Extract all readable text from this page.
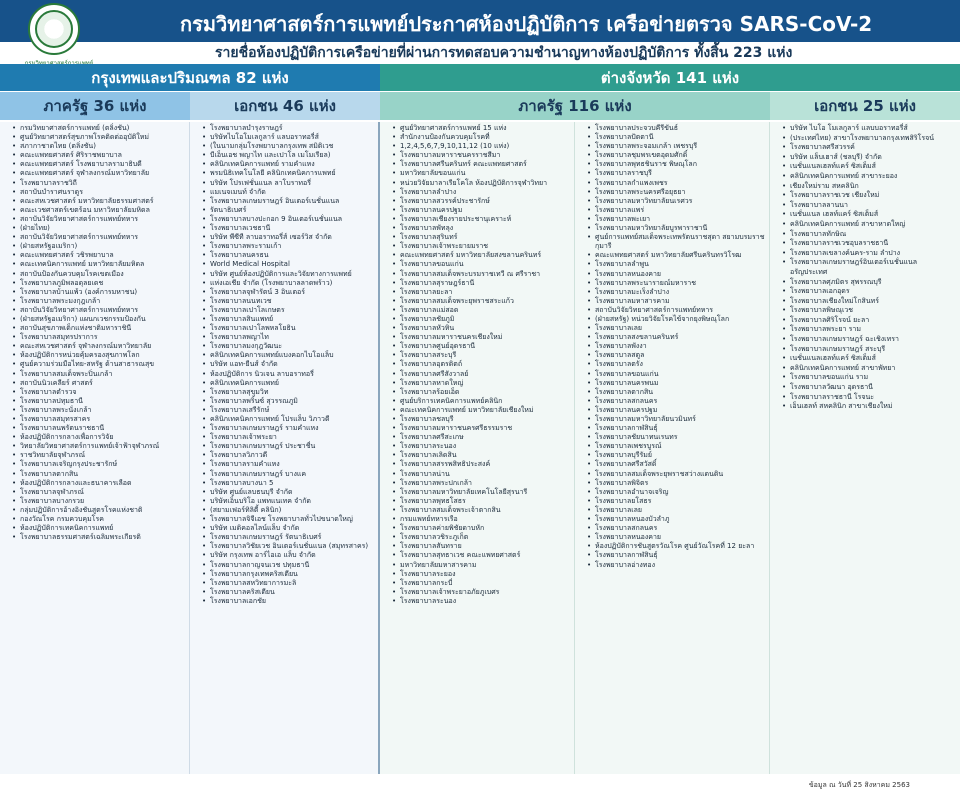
กรมวิทยาศาสตร์การแพทย์ประกาศห้องปฏิบัติการ เครือข่ายตรวจ SARS-CoV-2
รายชื่อห้องปฏิบัติการเครือข่ายที่ผ่านการทดสอบความชำนาญทางห้องปฏิบัติการ ทั้งสิ้น 223 แห่ง
กรุงเทพและปริมณฑล 82 แห่ง	ต่างจังหวัด 141 แห่ง
ภาครัฐ 36 แห่ง	เอกชน 46 แห่ง	ภาครัฐ 116 แห่ง	เอกชน 25 แห่ง
• กรมวิทยาศาสตร์การแพทย์ (ตลิ่งชัน)
• ศูนย์วิทยาศาสตร์สุขภาพโรคติดต่ออุบัติใหม่
• สภากาชาดไทย (ตลิ่งชัน)
• คณะแพทยศาสตร์ ศิริราชพยาบาล
• คณะแพทยศาสตร์ โรงพยาบาลรามาธิบดี
• คณะแพทยศาสตร์ จุฬาลงกรณ์มหาวิทยาลัย
• โรงพยาบาลราชวิถี
• สถาบันบำราศนราดูร
• คณะสหเวชศาสตร์ มหาวิทยาลัยธรรมศาสตร์
• คณะเวชศาสตร์เขตร้อน มหาวิทยาลัยมหิดล
• สถาบันวิจัยวิทยาศาสตร์การแพทย์ทหาร
• (ฝ่ายไทย)
• สถาบันวิจัยวิทยาศาสตร์การแพทย์ทหาร
• (ฝ่ายสหรัฐอเมริกา)
• คณะแพทยศาสตร์ วชิรพยาบาล
• คณะเทคนิคการแพทย์ มหาวิทยาลัยมหิดล
• สถาบันป้องกันควบคุมโรคเขตเมือง
• โรงพยาบาลภูมิพลอดุลยเดช
• โรงพยาบาลบ้านแพ้ว (องค์การมหาชน)
• โรงพยาบาลพระมงกุฎเกล้า
• สถาบันวิจัยวิทยาศาสตร์การแพทย์ทหาร
• (ฝ่ายสหรัฐอเมริกา) แผนกเวชกรรมป้องกัน
• สถาบันสุขภาพเด็กแห่งชาติมหาราชินี
• โรงพยาบาลสมุทรปราการ
• คณะสหเวชศาสตร์ จุฬาลงกรณ์มหาวิทยาลัย
• ห้องปฏิบัติการหน่วยคุ้มครองสุขภาพโลก
• ศูนย์ความร่วมมือไทย-สหรัฐ ด้านสาธารณสุข
• โรงพยาบาลสมเด็จพระปิ่นเกล้า
• สถาบันนิวเคลียร์ ศาสตร์
• โรงพยาบาลตำรวจ
• โรงพยาบาลปทุมธานี
• โรงพยาบาลพระนั่งเกล้า
• โรงพยาบาลสมุทรสาคร
• โรงพยาบาลนพรัตนราชธานี
• ห้องปฏิบัติการกลางเพื่อการวิจัย
• วิทยาลัยวิทยาศาสตร์การแพทย์เจ้าฟ้าจุฬาภรณ์
• ราชวิทยาลัยจุฬาภรณ์
• โรงพยาบาลเจริญกรุงประชารักษ์
• โรงพยาบาลตากสิน
• ห้องปฏิบัติการกลางและธนาคารเลือด
• โรงพยาบาลจุฬาภรณ์
• โรงพยาบาลบางกรวย
• กลุ่มปฏิบัติการอ้างอิงชันสูตรโรคแห่งชาติ
• กองวัณโรค กรมควบคุมโรค
• ห้องปฏิบัติการเทคนิคการแพทย์
• โรงพยาบาลธรรมศาสตร์เฉลิมพระเกียรติ
• โรงพยาบาลบำรุงราษฎร์
• บริษัทไบโอโมเลกูลาร์ แลบอราทอรี่ส์
• (ในนามกลุ่มโรงพยาบาลกรุงเทพ สมิติเวช
• บีเอ็นเอช พญาไท และเปาโล เมโมเรียล)
• คลินิกเทคนิคการแพทย์ รามคำแหง
• พรมนิธิเทคโนโลยี คลินิกเทคนิคการแพทย์
• บริษัท โปรเฟชั่นแนล ลาโบราทอรี่
• แมเนจเมนท์ จำกัด
• โรงพยาบาลเกษมราษฎร์ อินเตอร์เนชั่นแนล
• รัตนาธิเบศร์
• โรงพยาบาลบางปะกอก 9 อินเตอร์เนชั่นแนล
• โรงพยาบาลเวชธานี
• บริษัท พีซีที ลาบอราทอรี่ส์ เซอร์วิส จำกัด
• โรงพยาบาลพระรามเก้า
• โรงพยาบาลนครธน
• World Medical Hospital
• บริษัท ศูนย์ห้องปฏิบัติการและวิจัยทางการแพทย์
• แห่งเอเชีย จำกัด (โรงพยาบาลลาดพร้าว)
• โรงพยาบาลจุฬารัตน์ 3 อินเตอร์
• โรงพยาบาลนนทเวช
• โรงพยาบาลเปาโลเกษตร
• โรงพยาบาลสินแพทย์
• โรงพยาบาลเปาโลพหลโยธิน
• โรงพยาบาลพญาไท
• โรงพยาบาลมงกุฎวัฒนะ
• คลินิกเทคนิคการแพทย์แบงคอกไบโอแล็บ
• บริษัท แอท-ยีนส์ จำกัด
• ห้องปฏิบัติการ นิวเจน ลาบอราทอรี่
• คลินิกเทคนิคการแพทย์
• โรงพยาบาลสุขุมวิท
• โรงพยาบาลพริ้นซ์ สุวรรณภูมิ
• โรงพยาบาลเสรีรักษ์
• คลินิกเทคนิคการแพทย์ โปรแล็บ วิภาวดี
• โรงพยาบาลเกษมราษฎร์ รามคำแหง
• โรงพยาบาลเจ้าพระยา
• โรงพยาบาลเกษมราษฎร์ ประชาชื่น
• โรงพยาบาลวิภาวดี
• โรงพยาบาลรามคำแหง
• โรงพยาบาลเกษมราษฎร์ บางแค
• โรงพยาบาลบางนา 5
• บริษัท ศูนย์แลบธนบุรี จำกัด
• บริษัทเอ็นบริโอ แพทแนเทค จำกัด
• (สยามเฟอร์ทิลิตี้ คลินิก)
• โรงพยาบาลจิจีเอช โรงพยาบาลทั่วไปขนาดใหญ่
• บริษัท เมดิคอลไลน์แล็บ จำกัด
• โรงพยาบาลเกษมราษฎร์ รัตนาธิเบศร์
• โรงพยาบาลวิชัยเวช อินเตอร์เนชั่นแนล (สมุทรสาคร)
• บริษัท กรุงเทพ อาร์ไอเอ แล็บ จำกัด
• โรงพยาบาลกาญจนเวช ปทุมธานี
• โรงพยาบาลกรุงเทพคริสเตียน
• โรงพยาบาลสหวิทยาการมะลิ
• โรงพยาบาลคริสเตียน
• โรงพยาบาลเอกชัย
• ศูนย์วิทยาศาสตร์การแพทย์ 15 แห่ง
• สำนักงานป้องกันควบคุมโรคที่
• 1,2,4,5,6,7,9,10,11,12 (10 แห่ง)
• โรงพยาบาลมหาราชนครราชสีมา
• โรงพยาบาลศรีนครินทร์ คณะแพทยศาสตร์
• มหาวิทยาลัยขอนแก่น
• หน่วยวิจัยมาลาเรียโคโล ห้องปฏิบัติการจุฬาวิทยา
• โรงพยาบาลลำปาง
• โรงพยาบาลสวรรค์ประชารักษ์
• โรงพยาบาลนครปฐม
• โรงพยาบาลเชียงรายประชานุเคราะห์
• โรงพยาบาลพัทลุง
• โรงพยาบาลสุรินทร์
• โรงพยาบาลเจ้าพระยายมราช
• คณะแพทยศาสตร์ มหาวิทยาลัยสงขลานครินทร์
• โรงพยาบาลขอนแก่น
• โรงพยาบาลสมเด็จพระบรมราชเทวี ณ ศรีราชา
• โรงพยาบาลสุราษฎร์ธานี
• โรงพยาบาลยะลา
• โรงพยาบาลสมเด็จพระยุพราชสระแก้ว
• โรงพยาบาลแม่สอด
• โรงพยาบาลชัยภูมิ
• โรงพยาบาลหัวหิน
• โรงพยาบาลมหาราชนครเชียงใหม่
• โรงพยาบาลศูนย์อุดรธานี
• โรงพยาบาลสระบุรี
• โรงพยาบาลอุตรดิตถ์
• โรงพยาบาลศรีสังวาลย์
• โรงพยาบาลหาดใหญ่
• โรงพยาบาลร้อยเอ็ด
• ศูนย์บริการเทคนิคการแพทย์คลินิก
• คณะเทคนิคการแพทย์ มหาวิทยาลัยเชียงใหม่
• โรงพยาบาลชลบุรี
• โรงพยาบาลมหาราชนครศรีธรรมราช
• โรงพยาบาลศรีสะเกษ
• โรงพยาบาลระนอง
• โรงพยาบาลเลิดสิน
• โรงพยาบาลสรรพสิทธิประสงค์
• โรงพยาบาลน่าน
• โรงพยาบาลพระปกเกล้า
• โรงพยาบาลมหาวิทยาลัยเทคโนโลยีสุรนารี
• โรงพยาบาลพุทธโสธร
• โรงพยาบาลสมเด็จพระเจ้าตากสิน
• กรมแพทย์ทหารเรือ
• โรงพยาบาลค่ายพิชัยดาบหัก
• โรงพยาบาลวชิระภูเก็ต
• โรงพยาบาลสันทราย
• โรงพยาบาลสุทธาเวช คณะแพทยศาสตร์
• มหาวิทยาลัยมหาสารคาม
• โรงพยาบาลระยอง
• โรงพยาบาลกระบี่
• โรงพยาบาลเจ้าพระยาอภัยภูเบศร
• โรงพยาบาลระนอง
• โรงพยาบาลประจวบคีรีขันธ์
• โรงพยาบาลปัตตานี
• โรงพยาบาลพระจอมเกล้า เพชรบุรี
• โรงพยาบาลชุมพรเขตอุดมศักดิ์
• โรงพยาบาลพุทธชินราช พิษณุโลก
• โรงพยาบาลราชบุรี
• โรงพยาบาลกำแพงเพชร
• โรงพยาบาลพระนครศรีอยุธยา
• โรงพยาบาลมหาวิทยาลัยนเรศวร
• โรงพยาบาลแพร่
• โรงพยาบาลพะเยา
• โรงพยาบาลมหาวิทยาลัยบูรพาราชานี
• ศูนย์การแพทย์สมเด็จพระเทพรัตนราชสุดา สยามบรมราชกุมารี
• คณะแพทยศาสตร์ มหาวิทยาลัยศรีนครินทรวิโรฒ
• โรงพยาบาลลำพูน
• โรงพยาบาลหนองคาย
• โรงพยาบาลพระนารายณ์มหาราช
• โรงพยาบาลมะเร็งลำปาง
• โรงพยาบาลมหาสารคาม
• สถาบันวิจัยวิทยาศาสตร์การแพทย์ทหาร
• (ฝ่ายสหรัฐ) หน่วยวิจัยโรคไข้จากยุงพิษณุโลก
• โรงพยาบาลเลย
• โรงพยาบาลสงขลานครินทร์
• โรงพยาบาลพังงา
• โรงพยาบาลสตูล
• โรงพยาบาลตรัง
• โรงพยาบาลขอนแก่น
• โรงพยาบาลนครพนม
• โรงพยาบาลตากสิน
• โรงพยาบาลสกลนคร
• โรงพยาบาลนครปฐม
• โรงพยาบาลมหาวิทยาลัยนวมินทร์
• โรงพยาบาลกาฬสินธุ์
• โรงพยาบาลชัยนาทนเรนทร
• โรงพยาบาลเพชรบูรณ์
• โรงพยาบาลบุรีรัมย์
• โรงพยาบาลศรีสวัสดิ์
• โรงพยาบาลสมเด็จพระยุพราชสว่างแดนดิน
• โรงพยาบาลพิจิตร
• โรงพยาบาลอำนาจเจริญ
• โรงพยาบาลยโสธร
• โรงพยาบาลเลย
• โรงพยาบาลหนองบัวลำภู
• โรงพยาบาลสกลนคร
• โรงพยาบาลหนองคาย
• ห้องปฏิบัติการชันสูตรวัณโรค ศูนย์วัณโรคที่ 12 ยะลา
• โรงพยาบาลกาฬสินธุ์
• โรงพยาบาลอ่างทอง
• บริษัท ไบโอ โมเลกูลาร์ แลบบอราทอรี่ส์
• (ประเทศไทย) สาขาโรงพยาบาลกรุงเทพสิริโรจน์
• โรงพยาบาลศรีสวรรค์
• บริษัท แล็บเฮาส์ (ชลบุรี) จำกัด
• เนชั่นแนลเฮลท์แคร์ ซิสเต็มส์
• คลินิกเทคนิคการแพทย์ สาขาระยอง
• เชียงใหม่ราม สหคลินิก
• โรงพยาบาลราชเวช เชียงใหม่
• โรงพยาบาลลานนา
• เนชั่นแนล เฮลท์แคร์ ซิสเต็มส์
• คลินิกเทคนิคการแพทย์ สาขาหาดใหญ่
• โรงพยาบาลทักษิณ
• โรงพยาบาลราชเวชอุบลราชธานี
• โรงพยาบาลเขลางค์นคร-ราม ลำปาง
• โรงพยาบาลเกษมราษฎร์อินเตอร์เนชั่นแนล อรัญประเทศ
• โรงพยาบาลศุภมิตร สุพรรณบุรี
• โรงพยาบาลเอกอุดร
• โรงพยาบาลเชียงใหม่โกสินทร์
• โรงพยาบาลพิษณุเวช
• โรงพยาบาลศิริโรจน์ ยะลา
• โรงพยาบาลพระยา ราม
• โรงพยาบาลเกษมราษฎร์ ฉะเชิงเทรา
• โรงพยาบาลเกษมราษฎร์ สระบุรี
• เนชั่นแนลเฮลท์แคร์ ซิสเต็มส์
• คลินิกเทคนิคการแพทย์ สาขาพัทยา
• โรงพยาบาลขอนแก่น ราม
• โรงพยาบาลวัฒนา อุดรธานี
• โรงพยาบาลราชธานี โรจนะ
• เอ็นเฮลท์ สหคลินิก สาขาเชียงใหม่
ข้อมูล ณ วันที่ 25 สิงหาคม 2563
